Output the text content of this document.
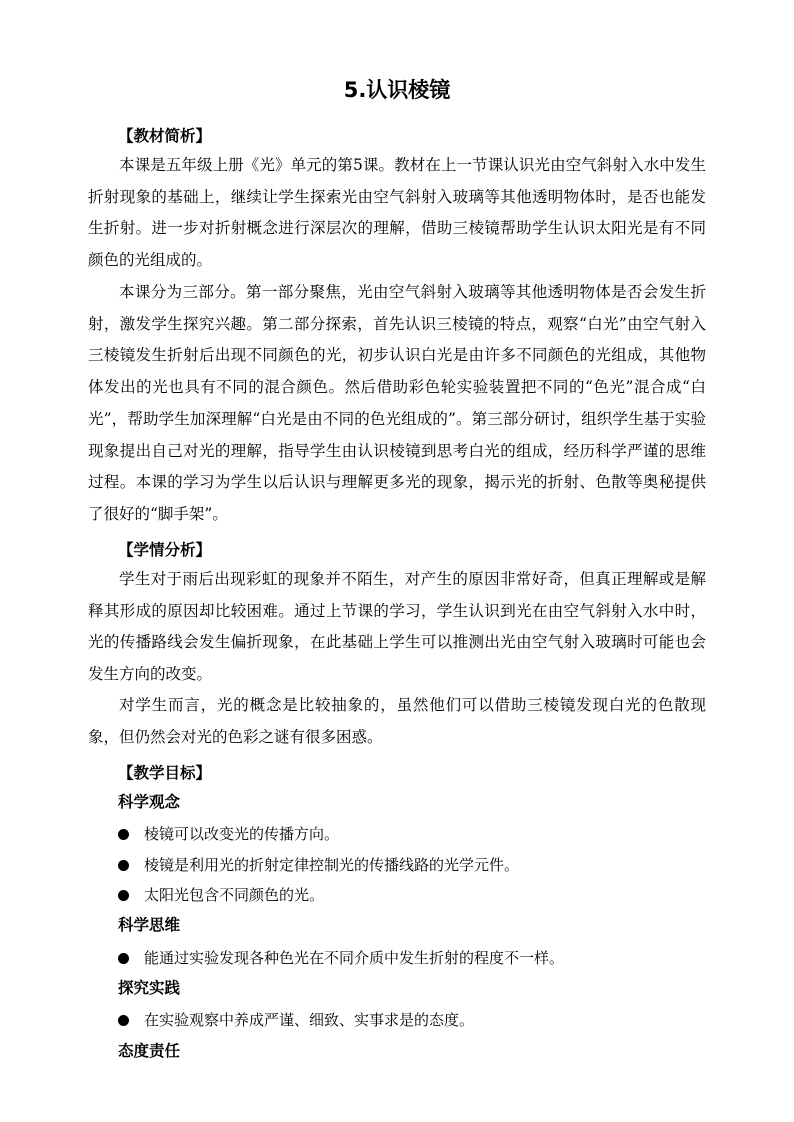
5.认识棱镜
【教材简析】

本课是五年级上册《光》单元的第5课。教材在上一节课认识光由空气斜射入水中发生折射现象的基础上，继续让学生探索光由空气斜射入玻璃等其他透明物体时，是否也能发生折射。进一步对折射概念进行深层次的理解，借助三棱镜帮助学生认识太阳光是有不同颜色的光组成的。

本课分为三部分。第一部分聚焦，光由空气斜射入玻璃等其他透明物体是否会发生折射，激发学生探究兴趣。第二部分探索，首先认识三棱镜的特点，观察“白光”由空气射入三棱镜发生折射后出现不同颜色的光，初步认识白光是由许多不同颜色的光组成，其他物体发出的光也具有不同的混合颜色。然后借助彩色轮实验装置把不同的“色光”混合成“白光”，帮助学生加深理解“白光是由不同的色光组成的”。第三部分研讨，组织学生基于实验现象提出自己对光的理解，指导学生由认识棱镜到思考白光的组成，经历科学严谨的思维过程。本课的学习为学生以后认识与理解更多光的现象，揭示光的折射、色散等奥秘提供了很好的“脚手架”。

【学情分析】

学生对于雨后出现彩虹的现象并不陌生，对产生的原因非常好奇，但真正理解或是解释其形成的原因却比较困难。通过上节课的学习，学生认识到光在由空气斜射入水中时，光的传播路线会发生偏折现象，在此基础上学生可以推测出光由空气射入玻璃时可能也会发生方向的改变。

对学生而言，光的概念是比较抽象的，虽然他们可以借助三棱镜发现白光的色散现象，但仍然会对光的色彩之谜有很多困惑。

【教学目标】
科学观念
棱镜可以改变光的传播方向。
棱镜是利用光的折射定律控制光的传播线路的光学元件。
太阳光包含不同颜色的光。
科学思维
能通过实验发现各种色光在不同介质中发生折射的程度不一样。
探究实践
在实验观察中养成严谨、细致、实事求是的态度。
态度责任
